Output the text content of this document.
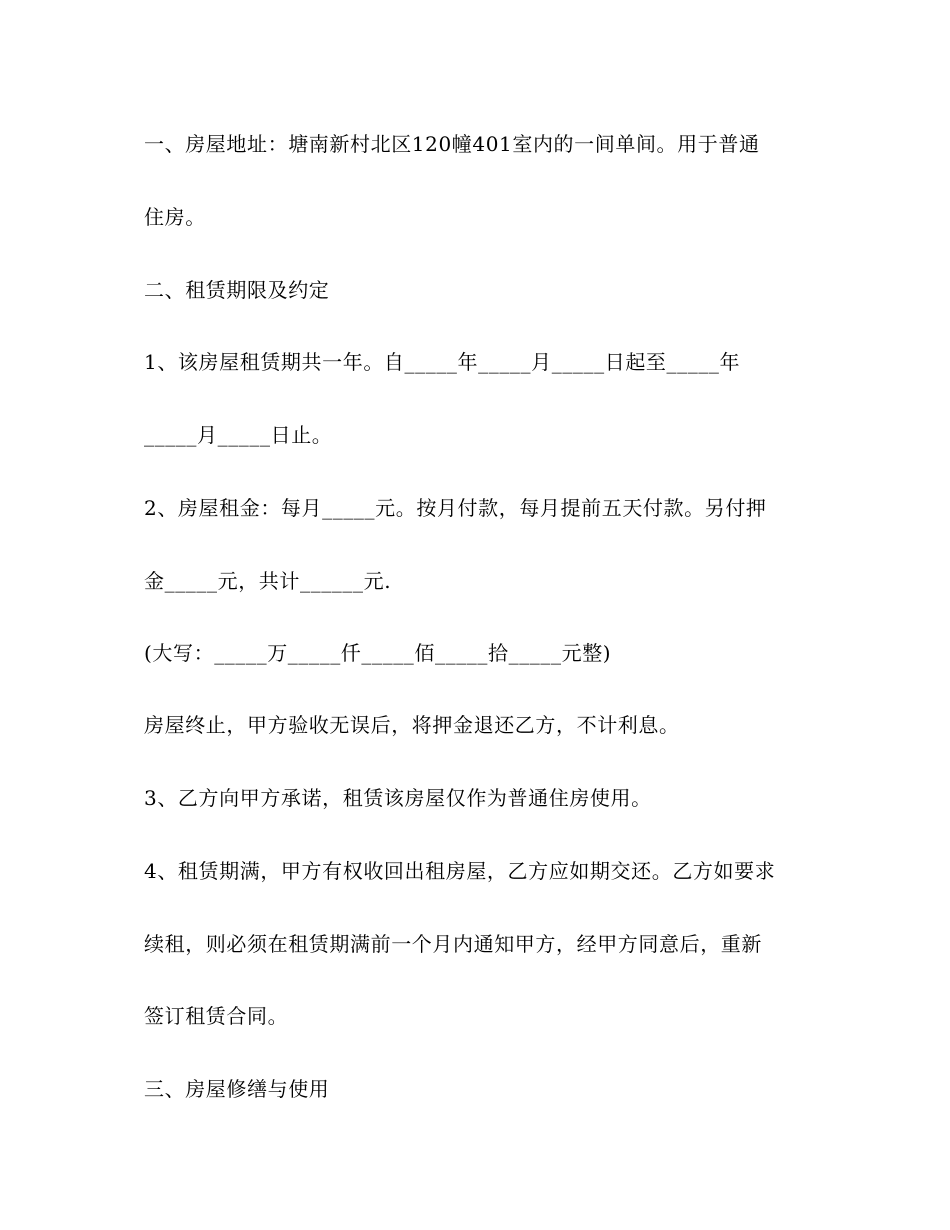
一、房屋地址：塘南新村北区120幢401室内的一间单间。用于普通
住房。
二、租赁期限及约定
1、该房屋租赁期共一年。自_____年_____月_____日起至_____年
_____月_____日止。
2、房屋租金：每月_____元。按月付款，每月提前五天付款。另付押
金_____元，共计______元.
(大写：_____万_____仟_____佰_____拾_____元整)
房屋终止，甲方验收无误后，将押金退还乙方，不计利息。
3、乙方向甲方承诺，租赁该房屋仅作为普通住房使用。
4、租赁期满，甲方有权收回出租房屋，乙方应如期交还。乙方如要求
续租，则必须在租赁期满前一个月内通知甲方，经甲方同意后，重新
签订租赁合同。
三、房屋修缮与使用
